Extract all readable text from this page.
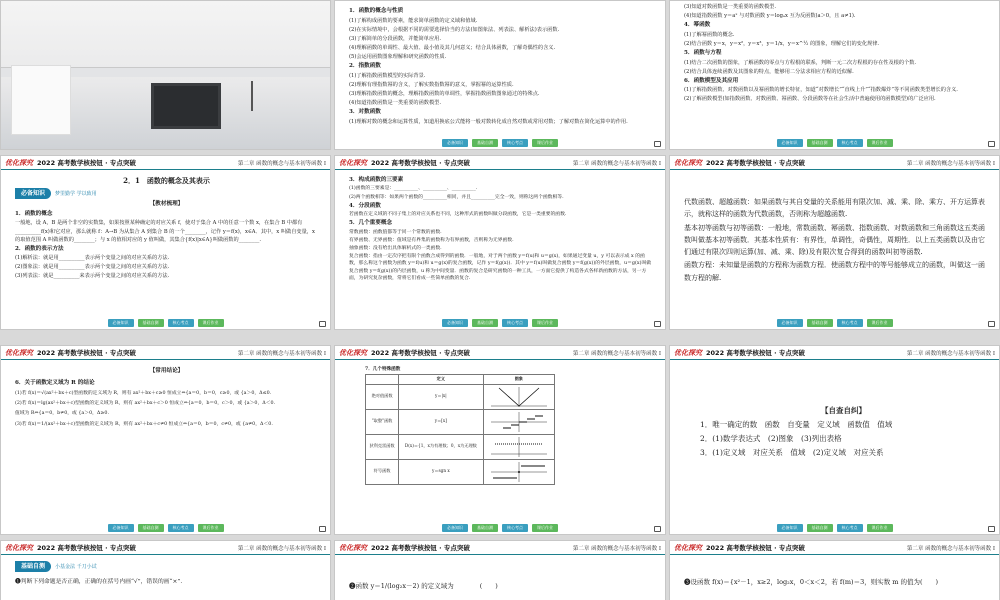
1．函数的概念与性质

(1)了解构成函数的要素，能求简单函数的定义域和值域.

(2)在实际情境中，会根据不同的需要选择恰当的方法(如图象法、列表法、解析法)表示函数.

(3)了解简单的分段函数，并能简单应用.

(4)理解函数的单调性、最大值、最小值及其几何意义；结合具体函数，了解奇偶性的含义.

(5)会运用函数图象理解和研究函数的性质.

2．指数函数

(1)了解指数函数模型的实际背景.

(2)理解有理指数幂的含义，了解实数指数幂的意义，掌握幂的运算性质.

(3)理解指数函数的概念，理解指数函数的单调性，掌握指数函数图象通过的特殊点.

(4)知道指数函数是一类重要的函数模型.

3．对数函数

(1)理解对数的概念和运算性质，知道用换底公式能将一般对数转化成自然对数或常用对数；了解对数在简化运算中的作用.

必备知识	基础自测	核心考点	课后作业

(3)知道对数函数是一类重要的函数模型.

(4)知道指数函数 y＝aˣ 与对数函数 y＝logₐx 互为反函数(a＞0，且 a≠1).

4．幂函数

(1)了解幂函数的概念.

(2)结合函数 y＝x，y＝x²，y＝x³，y＝1/x，y＝x^½ 的图象，理解它们的变化规律.

5．函数与方程

(1)结合二次函数的图象，了解函数的零点与方程根的联系，判断一元二次方程根的存在性及根的个数.

(2)结合具体连续函数及其图象的特点，能够用二分法求相应方程的近似解.

6．函数模型及其应用

(1)了解指数函数、对数函数以及幂函数的增长特征，知道“对数增长”“直线上升”“指数爆炸”等不同函数类型增长的含义.

(2)了解函数模型(如指数函数、对数函数、幂函数、分段函数等在社会生活中普遍使用的函数模型)的广泛应用.

必备知识	基础自测	核心考点	课后作业
优化探究 2022 高考数学核按钮 · 专点突破	第二章 函数的概念与基本初等函数 I

2．1　函数的概念及其表示

必备知识 梦里勤学 学以致用

【教材梳理】

1．函数的概念

一般地，设 A，B 是两个非空的实数集，如果按照某种确定的对应关系 f，使对于集合 A 中的任意一个数 x，在集合 B 中都有__________f(x)和它对应，那么就称 f：A→B 为从集合 A 到集合 B 的一个________，记作 y＝f(x)，x∈A．其中，x 叫做自变量，x 的取值范围 A 叫做函数的________；与 x 的值相对应的 y 值叫做，其集合{f(x)|x∈A}叫做函数的________.

2．函数的表示方法

(1)解析法：就是用__________表示两个变量之间的对应关系的方法.

(2)图象法：就是用__________表示两个变量之间的对应关系的方法.

(3)列表法：就是__________来表示两个变量之间的对应关系的方法.

必备知识	基础自测	核心考点	课后作业
优化探究 2022 高考数学核按钮 · 专点突破	第二章 函数的概念与基本初等函数 I

3．构成函数的三要素

(1)函数的三要素是：__________、__________、__________.

(2)两个函数相等：如果两个函数的__________相同，并且__________完全一致，则称这两个函数相等.

4．分段函数

若函数在定义域的不同子集上的对应关系也不同，这种形式的函数叫做分段函数，它是一类重要的函数.

5．几个重要概念

常数函数：函数值都等于同一个常数的函数.

有界函数、无界函数：值域是有界集的函数称为有界函数，否则称为无界函数.

抽象函数：没有给出具体解析式的一类函数.

复合函数：指由一定次序把有限个函数合成得到的函数．一般地，对于两个函数 y＝f(u)和 u＝g(x)，如果通过变量 u，y 可以表示成 x 的函数，那么称这个函数为函数 y＝f(u)和 u＝g(x)的复合函数，记作 y＝f(g(x))．其中 y＝f(u)叫做复合函数 y＝f(g(x))的外层函数，u＝g(x)叫做复合函数 y＝f(g(x))的内层函数，u 称为中间变量．函数的复合是研究函数的一种工具，一方面它提供了构造各式各样新函数的方法，另一方面，为研究复杂函数，常将它们看成一些简单函数的复合.

必备知识	基础自测	核心考点	课后作业
优化探究 2022 高考数学核按钮 · 专点突破	第二章 函数的概念与基本初等函数 I

代数函数、超越函数：如果函数与其自变量的关系能用有限次加、减、乘、除、乘方、开方运算表示，就称这样的函数为代数函数，否则称为超越函数.

基本初等函数与初等函数：一般地，常数函数、幂函数、指数函数、对数函数和三角函数这五类函数叫做基本初等函数．其基本性质有：有界性，单调性，奇偶性，周期性．以上五类函数以及由它们通过有限次四则运算(加、减、乘、除)及有限次复合得到的函数叫初等函数.

函数方程：未知量是函数的方程称为函数方程．使函数方程中的等号能够成立的函数，叫做这一函数方程的解.

必备知识	基础自测	核心考点	课后作业
优化探究 2022 高考数学核按钮 · 专点突破	第二章 函数的概念与基本初等函数 I

【常用结论】

6．关于函数定义域为 R 的结论

(1)若 f(x)＝√(ax²＋bx＋c)型函数的定义域为 R，则有 ax²＋bx＋c≥0 恒成立⇔{a＝0，b＝0，c≥0，或 {a＞0，Δ≤0.

(2)若 f(x)＝lg(ax²＋bx＋c)型函数的定义域为 R，则有 ax²＋bx＋c＞0 恒成立⇔{a＝0，b＝0，c＞0，或 {a＞0，Δ＜0.

值域为 R⇔{a＝0，b≠0，或 {a＞0，Δ≥0.

(3)若 f(x)＝1/(ax²＋bx＋c)型函数的定义域为 R，则有 ax²＋bx＋c≠0 恒成立⇔{a＝0，b＝0，c≠0，或 {a≠0，Δ＜0.

必备知识	基础自测	核心考点	课后作业
优化探究 2022 高考数学核按钮 · 专点突破	第二章 函数的概念与基本初等函数 I

7．几个特殊函数

	定义	图象
绝对值函数	y＝|x|	

"取整"函数	y＝[x]	

狄利克雷函数	D(x)＝{1，x为有理数；0，x为无理数	

符号函数	y＝sgn x	
必备知识	基础自测	核心考点	课后作业
优化探究 2022 高考数学核按钮 · 专点突破	第二章 函数的概念与基本初等函数 I

【自查自纠】

1．唯一确定的数　函数　自变量　定义域　函数值　值域

2．(1)数学表达式　(2)图象　(3)列出表格

3．(1)定义域　对应关系　值域　(2)定义域　对应关系

必备知识	基础自测	核心考点	课后作业
优化探究 2022 高考数学核按钮 · 专点突破	第二章 函数的概念与基本初等函数 I

基础自测 小基金法 千刀小试

❶判断下列命题是否正确，正确的在括号内画“√”，错误的画“×”.

优化探究 2022 高考数学核按钮 · 专点突破	第二章 函数的概念与基本初等函数 I

❷函数 y＝1/(log₂x－2) 的定义域为　　　　(　　)

优化探究 2022 高考数学核按钮 · 专点突破	第二章 函数的概念与基本初等函数 I

❸设函数 f(x)＝{x²－1，x≥2，log₂x，0＜x＜2，若 f(m)＝3，则实数 m 的值为(　　)
